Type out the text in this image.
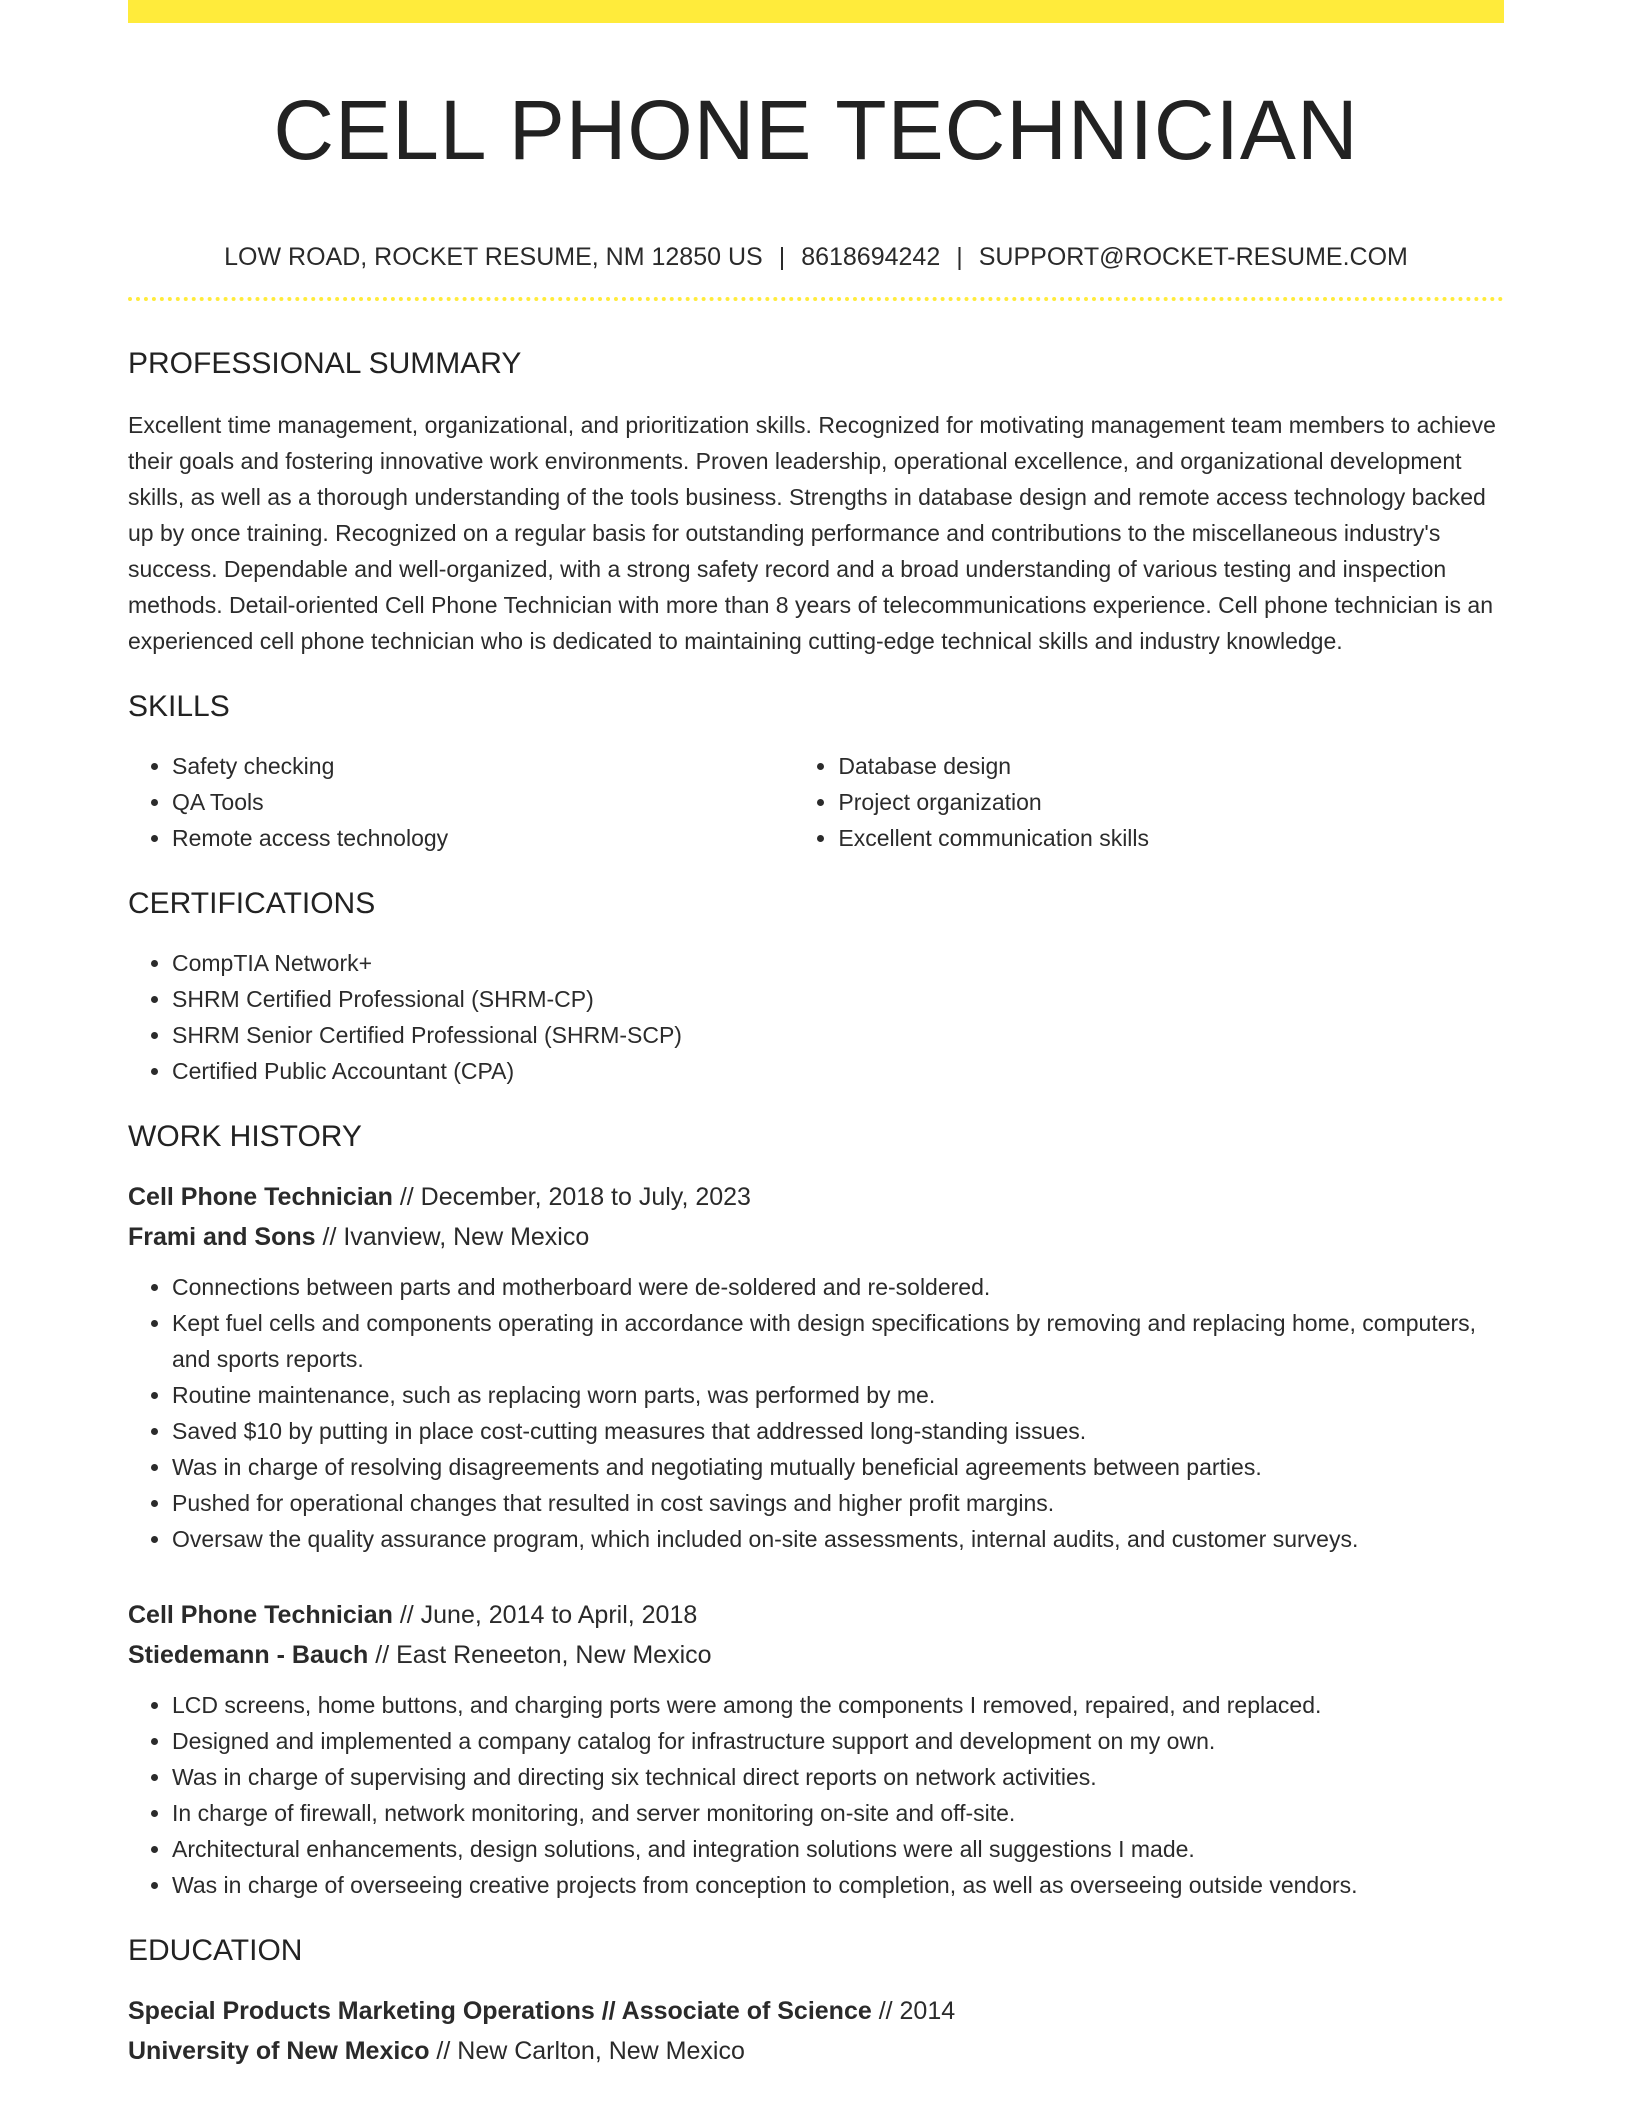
CELL PHONE TECHNICIAN
LOW ROAD, ROCKET RESUME, NM 12850 US | 8618694242 | SUPPORT@ROCKET-RESUME.COM
PROFESSIONAL SUMMARY

Excellent time management, organizational, and prioritization skills. Recognized for motivating management team members to achieve their goals and fostering innovative work environments. Proven leadership, operational excellence, and organizational development skills, as well as a thorough understanding of the tools business. Strengths in database design and remote access technology backed up by once training. Recognized on a regular basis for outstanding performance and contributions to the miscellaneous industry's success. Dependable and well-organized, with a strong safety record and a broad understanding of various testing and inspection methods. Detail-oriented Cell Phone Technician with more than 8 years of telecommunications experience. Cell phone technician is an experienced cell phone technician who is dedicated to maintaining cutting-edge technical skills and industry knowledge.

SKILLS
• Safety checking
• QA Tools
• Remote access technology
• Database design
• Project organization
• Excellent communication skills
CERTIFICATIONS
• CompTIA Network+
• SHRM Certified Professional (SHRM-CP)
• SHRM Senior Certified Professional (SHRM-SCP)
• Certified Public Accountant (CPA)
WORK HISTORY
Cell Phone Technician // December, 2018 to July, 2023
Frami and Sons // Ivanview, New Mexico
• Connections between parts and motherboard were de-soldered and re-soldered.
• Kept fuel cells and components operating in accordance with design specifications by removing and replacing home, computers, and sports reports.
• Routine maintenance, such as replacing worn parts, was performed by me.
• Saved $10 by putting in place cost-cutting measures that addressed long-standing issues.
• Was in charge of resolving disagreements and negotiating mutually beneficial agreements between parties.
• Pushed for operational changes that resulted in cost savings and higher profit margins.
• Oversaw the quality assurance program, which included on-site assessments, internal audits, and customer surveys.
Cell Phone Technician // June, 2014 to April, 2018
Stiedemann - Bauch // East Reneeton, New Mexico
• LCD screens, home buttons, and charging ports were among the components I removed, repaired, and replaced.
• Designed and implemented a company catalog for infrastructure support and development on my own.
• Was in charge of supervising and directing six technical direct reports on network activities.
• In charge of firewall, network monitoring, and server monitoring on-site and off-site.
• Architectural enhancements, design solutions, and integration solutions were all suggestions I made.
• Was in charge of overseeing creative projects from conception to completion, as well as overseeing outside vendors.
EDUCATION
Special Products Marketing Operations // Associate of Science // 2014
University of New Mexico // New Carlton, New Mexico
